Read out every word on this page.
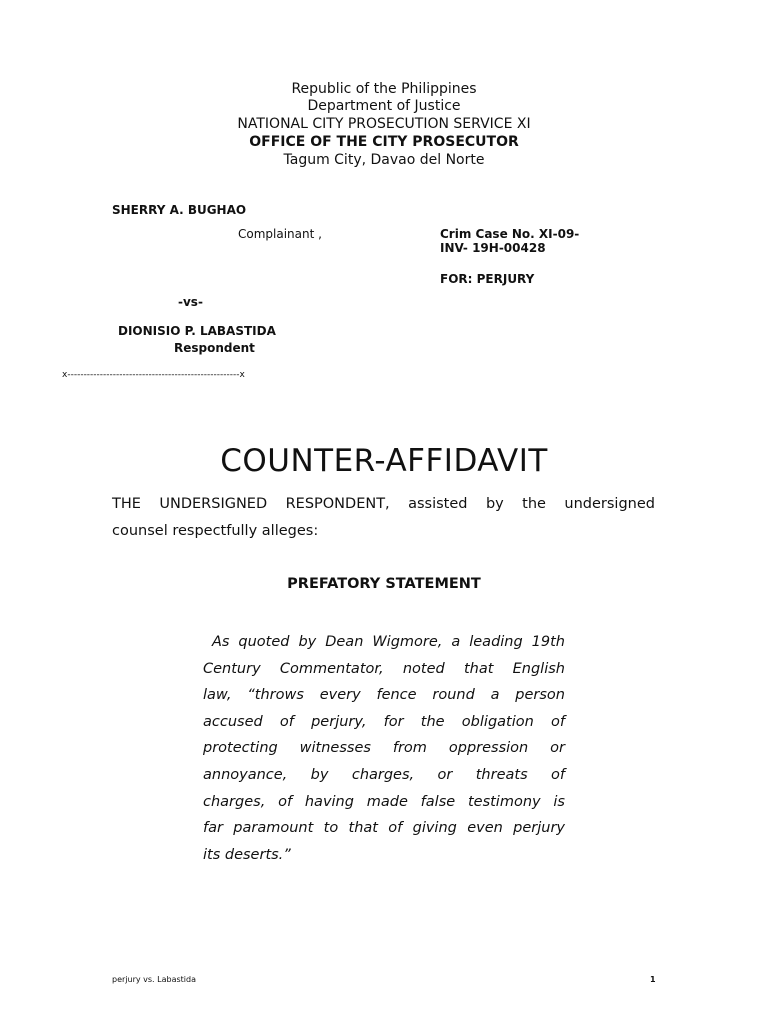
Republic of the Philippines
Department of Justice
NATIONAL CITY PROSECUTION SERVICE XI
OFFICE OF THE CITY PROSECUTOR
Tagum City, Davao del Norte
SHERRY A. BUGHAO
Complainant ,	Crim Case No. XI-09-
INV- 19H-00428
FOR: PERJURY
-vs-
DIONISIO P. LABASTIDA
Respondent
x-----------------------------------------------------x
COUNTER-AFFIDAVIT
THE UNDERSIGNED RESPONDENT, assisted by the undersigned
counsel respectfully alleges:
PREFATORY STATEMENT
As quoted by Dean Wigmore, a leading 19th
Century Commentator, noted that English
law, “throws every fence round a person
accused of perjury, for the obligation of
protecting witnesses from oppression or
annoyance, by charges, or threats of
charges, of having made false testimony is
far paramount to that of giving even perjury
its deserts.”
perjury vs. Labastida	1
